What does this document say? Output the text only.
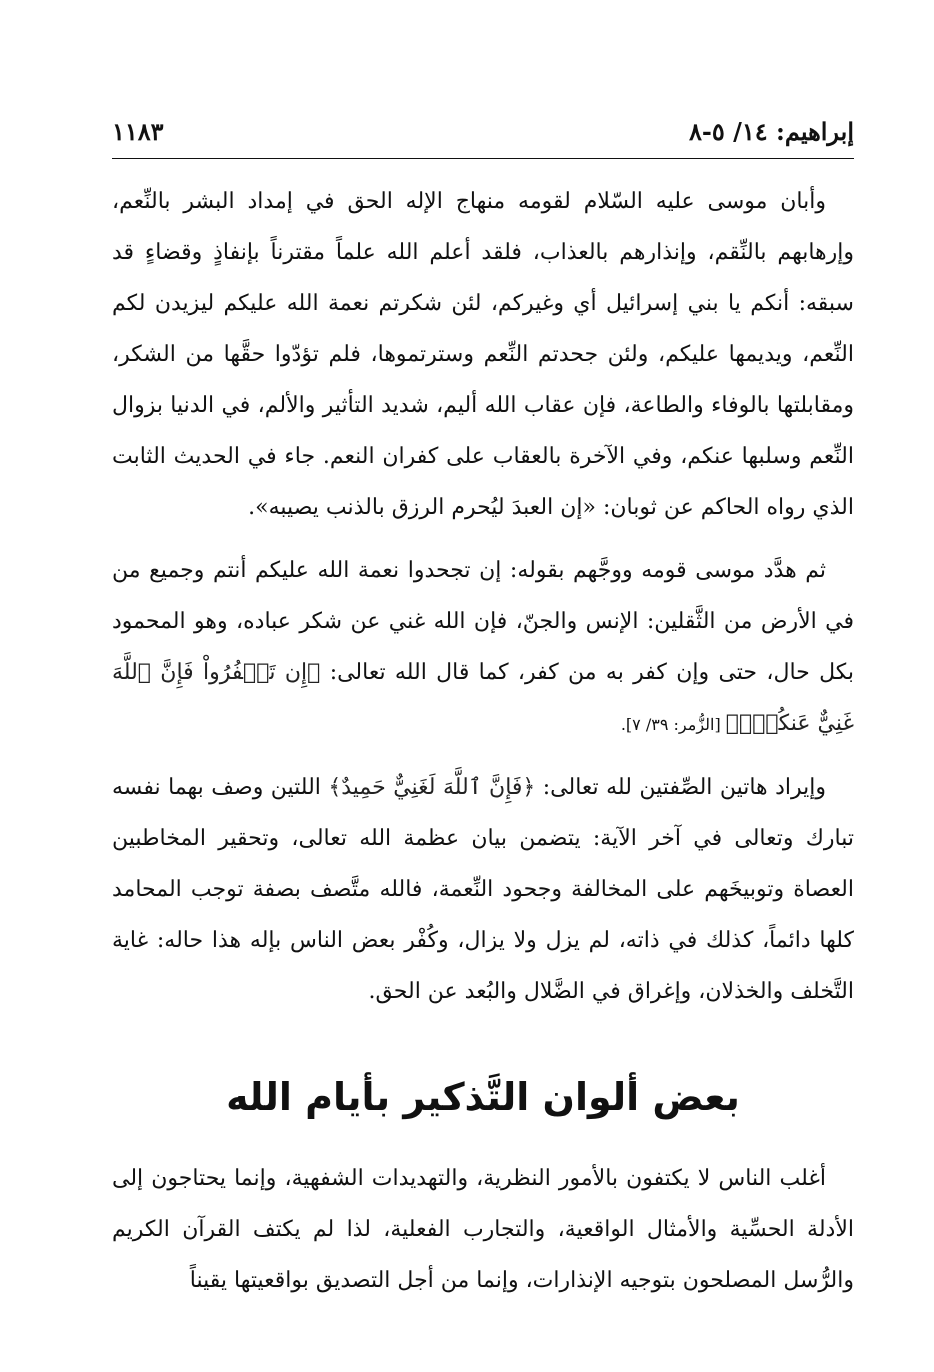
إبراهيم: ١٤/ ٥-٨
١١٨٣

وأبان موسى عليه السّلام لقومه منهاج الإله الحق في إمداد البشر بالنِّعم، وإرهابهم بالنِّقم، وإنذارهم بالعذاب، فلقد أعلم الله علماً مقترناً بإنفاذٍ وقضاءٍ قد سبقه: أنكم يا بني إسرائيل أي وغيركم، لئن شكرتم نعمة الله عليكم ليزيدن لكم النِّعم، ويديمها عليكم، ولئن جحدتم النِّعم وسترتموها، فلم تؤدّوا حقَّها من الشكر، ومقابلتها بالوفاء والطاعة، فإن عقاب الله أليم، شديد التأثير والألم، في الدنيا بزوال النِّعم وسلبها عنكم، وفي الآخرة بالعقاب على كفران النعم. جاء في الحديث الثابت الذي رواه الحاكم عن ثوبان: «إن العبدَ ليُحرم الرزق بالذنب يصيبه».

ثم هدَّد موسى قومه ووجَّهم بقوله: إن تجحدوا نعمة الله عليكم أنتم وجميع من في الأرض من الثَّقلين: الإنس والجنّ، فإن الله غني عن شكر عباده، وهو المحمود بكل حال، حتى وإن كفر به من كفر، كما قال الله تعالى: ﴿إِن تَكۡفُرُواْ فَإِنَّ ٱللَّهَ غَنِيٌّ عَنكُمۡۖ﴾ [الزُّمر: ٣٩/ ٧].

وإيراد هاتين الصِّفتين لله تعالى: ﴿فَإِنَّ ٱللَّهَ لَغَنِيٌّ حَمِيدٌ﴾ اللتين وصف بهما نفسه تبارك وتعالى في آخر الآية: يتضمن بيان عظمة الله تعالى، وتحقير المخاطبين العصاة وتوبيخَهم على المخالفة وجحود النِّعمة، فالله متَّصف بصفة توجب المحامد كلها دائماً، كذلك في ذاته، لم يزل ولا يزال، وكُفْر بعض الناس بإله هذا حاله: غاية التَّخلف والخذلان، وإغراق في الضَّلال والبُعد عن الحق.

بعض ألوان التَّذكير بأيام الله

أغلب الناس لا يكتفون بالأمور النظرية، والتهديدات الشفهية، وإنما يحتاجون إلى الأدلة الحسِّية والأمثال الواقعية، والتجارب الفعلية، لذا لم يكتف القرآن الكريم والرُّسل المصلحون بتوجيه الإنذارات، وإنما من أجل التصديق بواقعيتها يقيناً
